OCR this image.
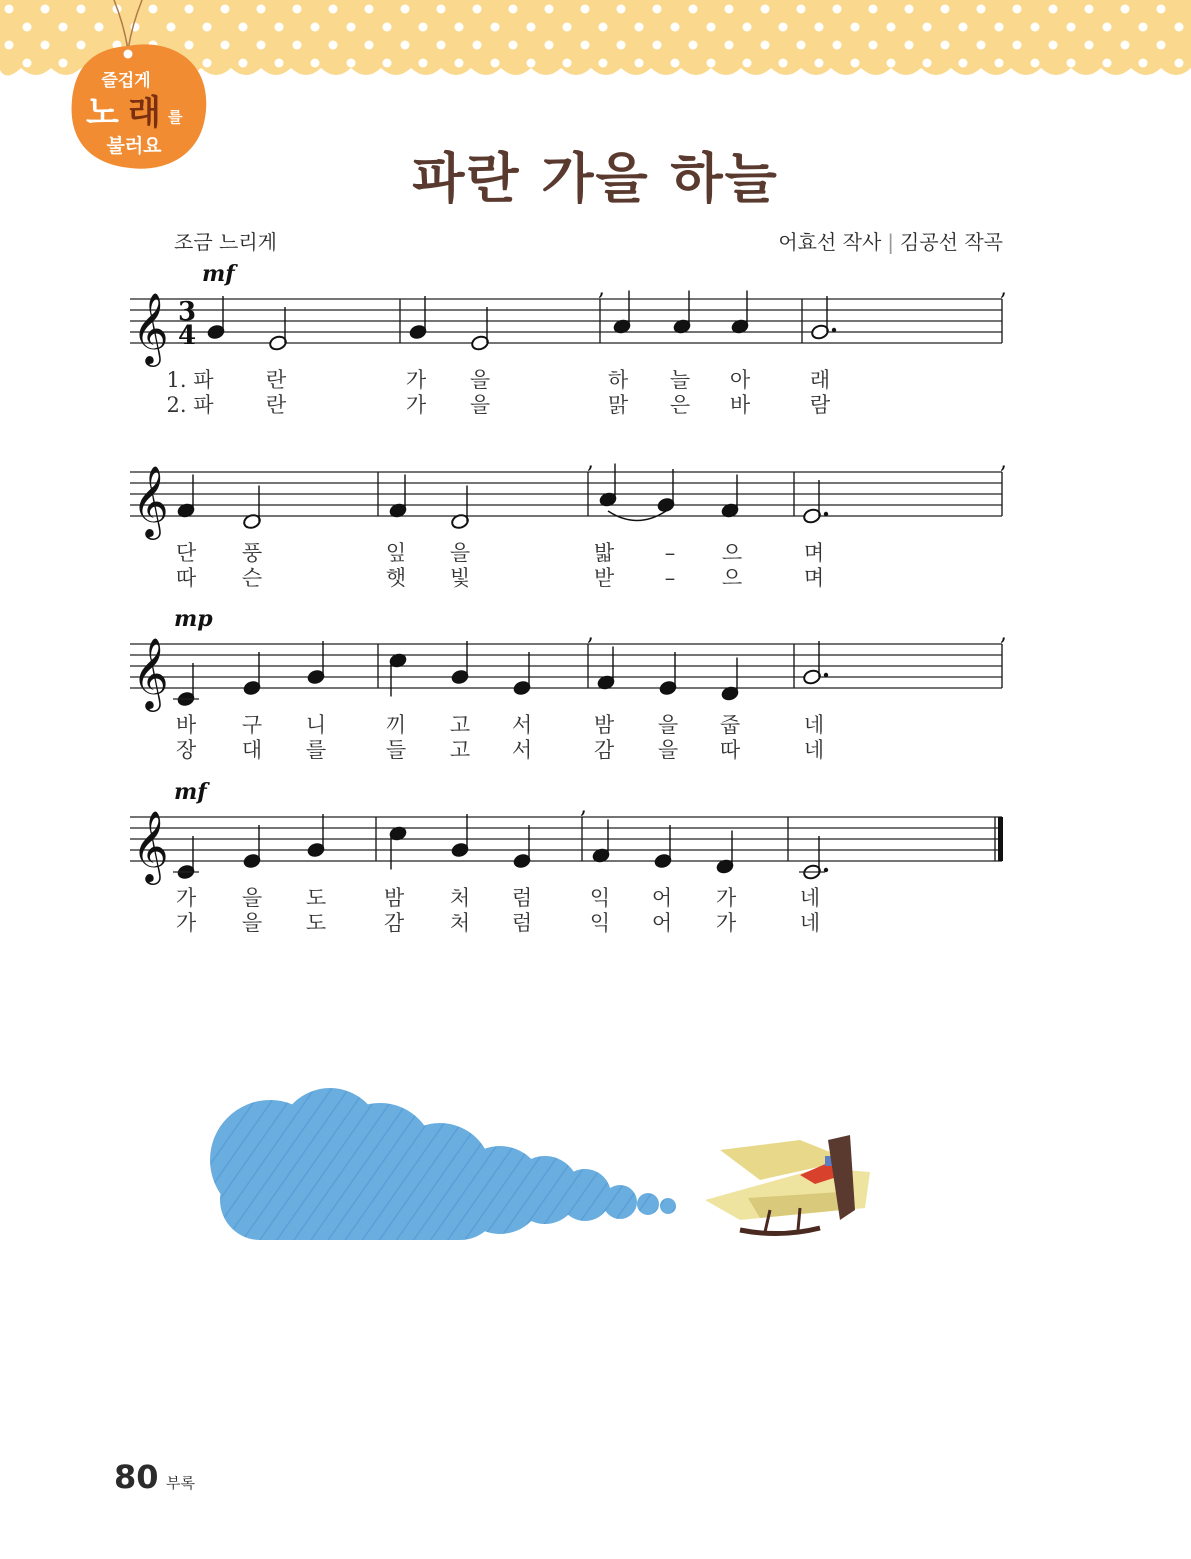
즐겁게
노 래 를
불러요
파란 가을 하늘
조금 느리게	어효선 작사 | 김공선 작곡
𝄞 3
4
,	,
mf
1. 파 란	가 을	하 늘 아	래
2. 파 란	가 을	맑 은 바	람
𝄞
,	,
단 풍	잎 을	밟 – 으	며
따 슨	햇 빛	받 – 으	며
𝄞
,	,
mp
바 구 니	끼 고 서	밤 을 줍	네
장 대 를	들 고 서	감 을 따	네
𝄞
,
mf
가 을 도	밤 처 럼	익 어 가	네
가 을 도	감 처 럼	익 어 가	네
80 부록
